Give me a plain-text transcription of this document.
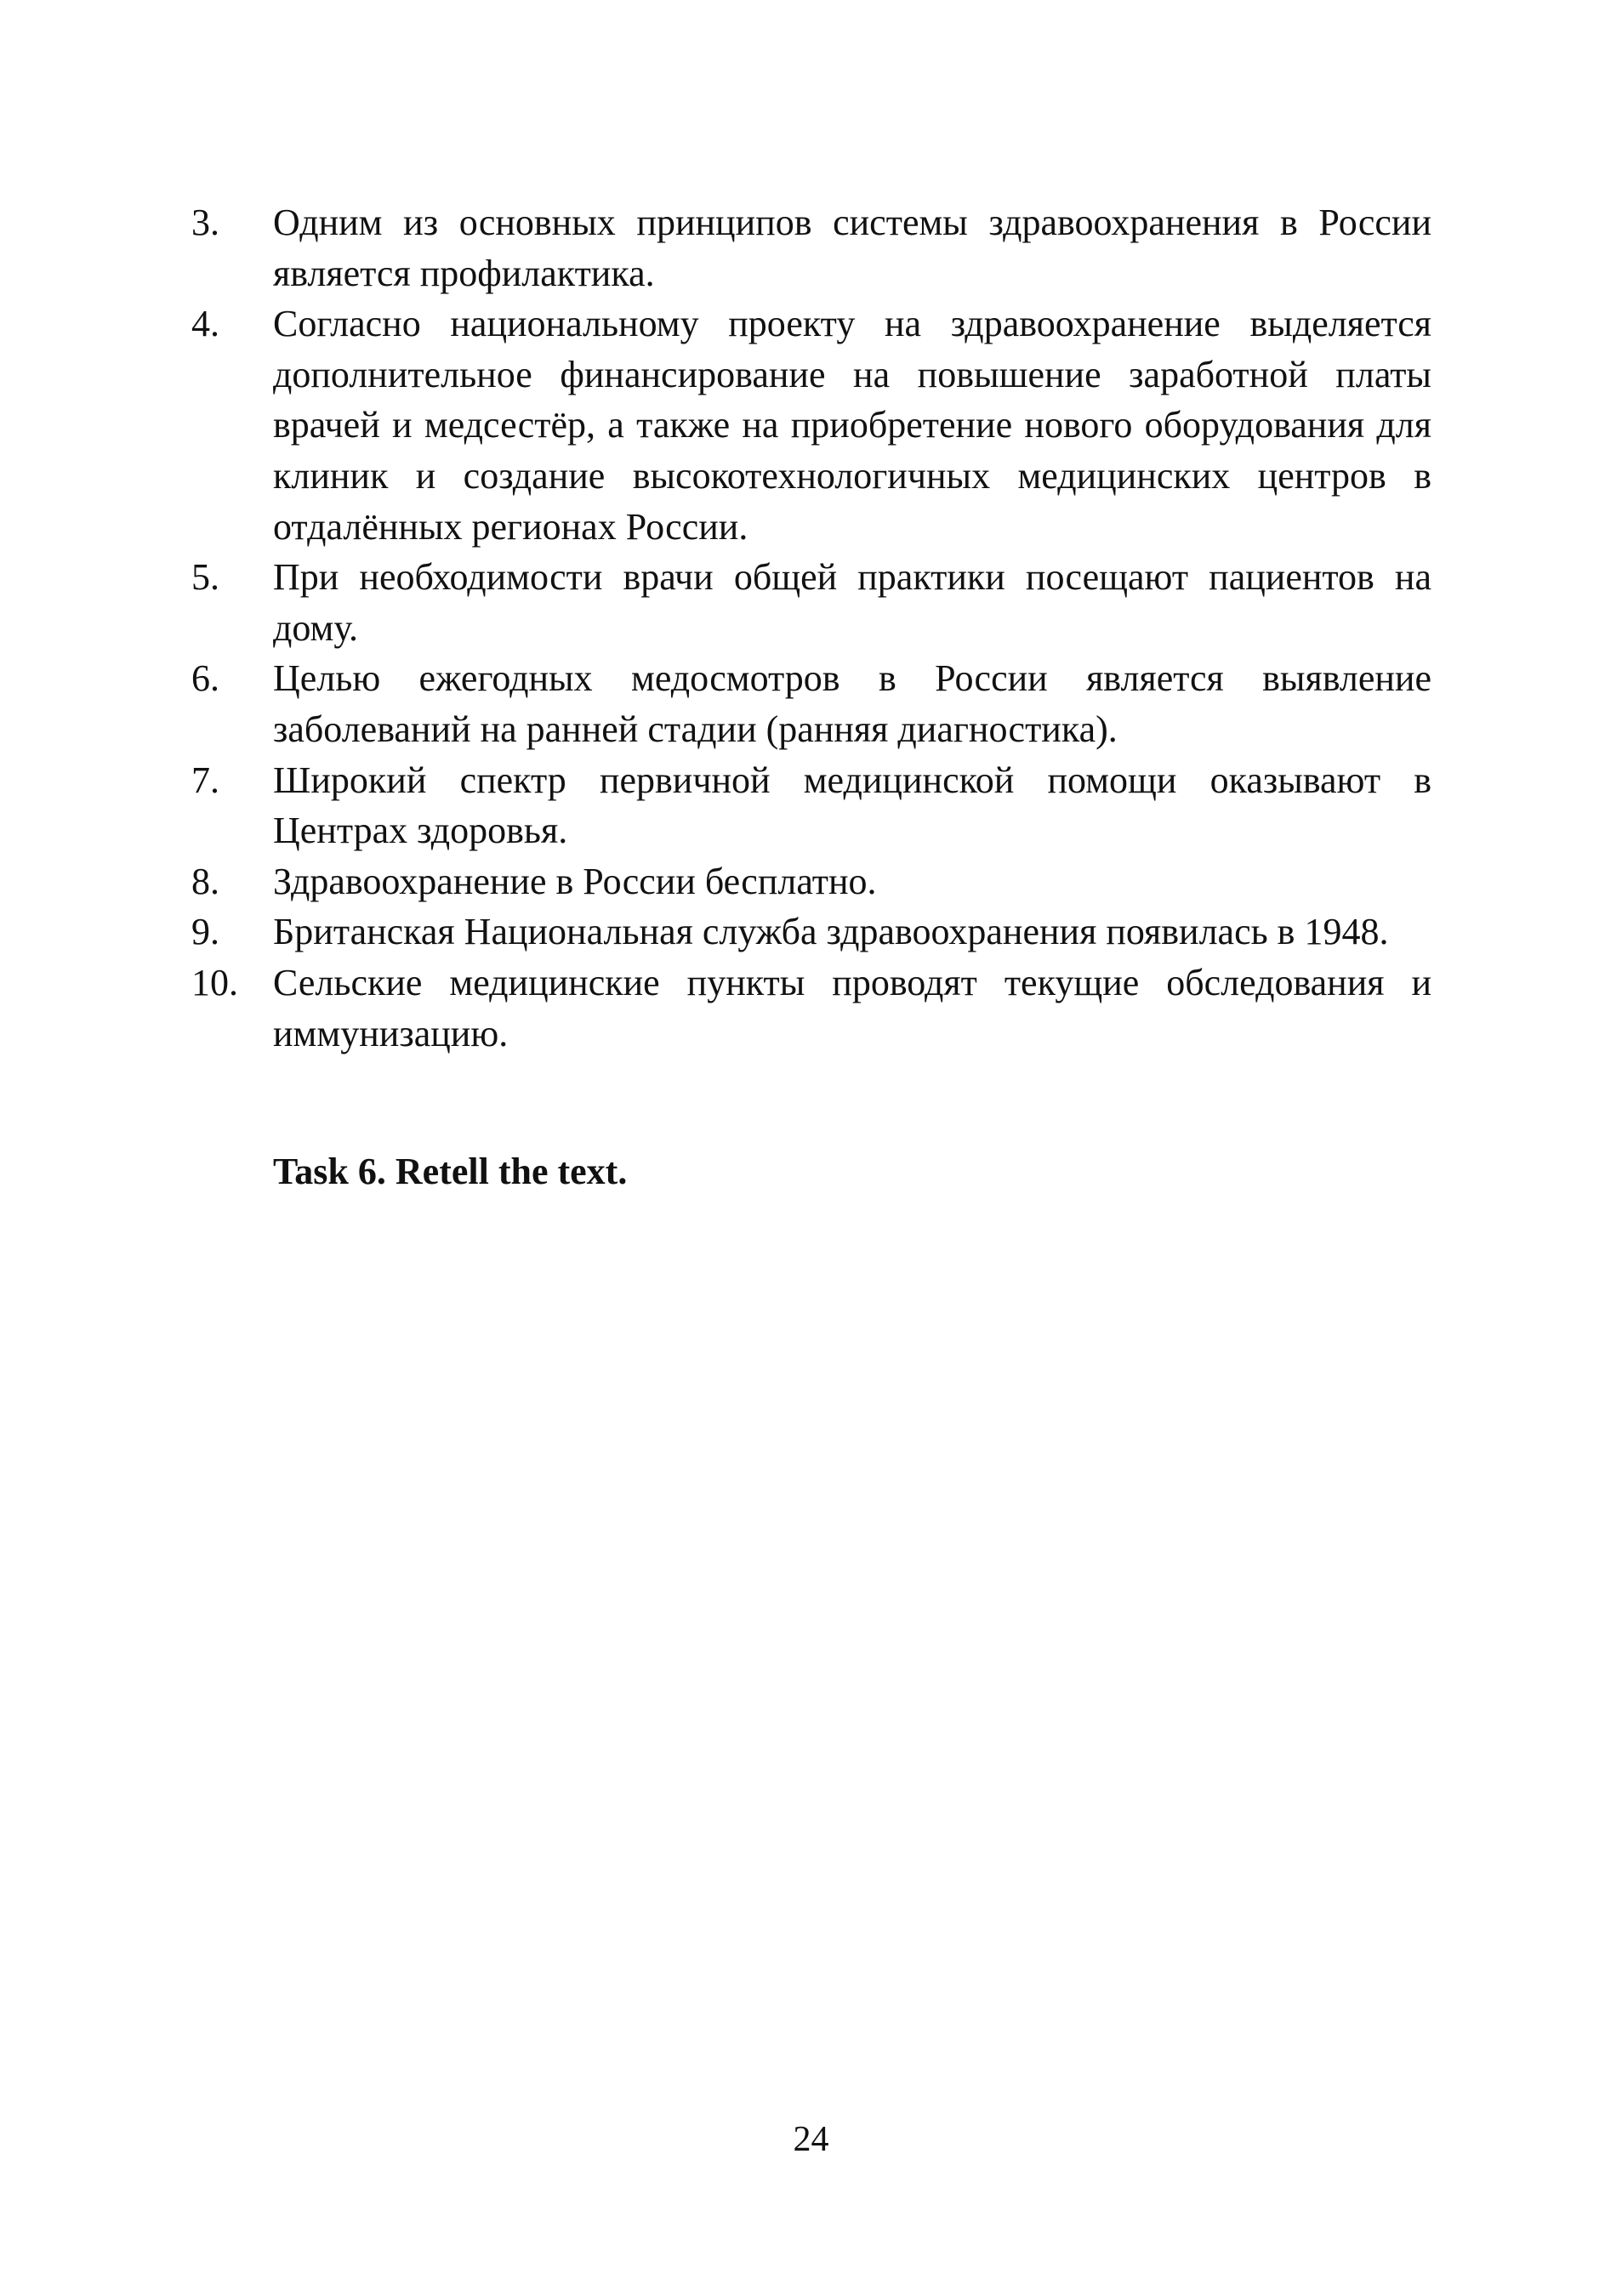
3. Одним из основных принципов системы здравоохранения в России является профилактика.
4. Согласно национальному проекту на здравоохранение выделяется дополнительное финансирование на повышение заработной платы врачей и медсестёр, а также на приобретение нового оборудования для клиник и создание высокотехнологичных медицинских центров в отдалённых регионах России.
5. При необходимости врачи общей практики посещают пациентов на дому.
6. Целью ежегодных медосмотров в России является выявление заболеваний на ранней стадии (ранняя диагностика).
7. Широкий спектр первичной медицинской помощи оказывают в Центрах здоровья.
8. Здравоохранение в России бесплатно.
9. Британская Национальная служба здравоохранения появилась в 1948.
10. Сельские медицинские пункты проводят текущие обследования и иммунизацию.
Task 6. Retell the text.
24
